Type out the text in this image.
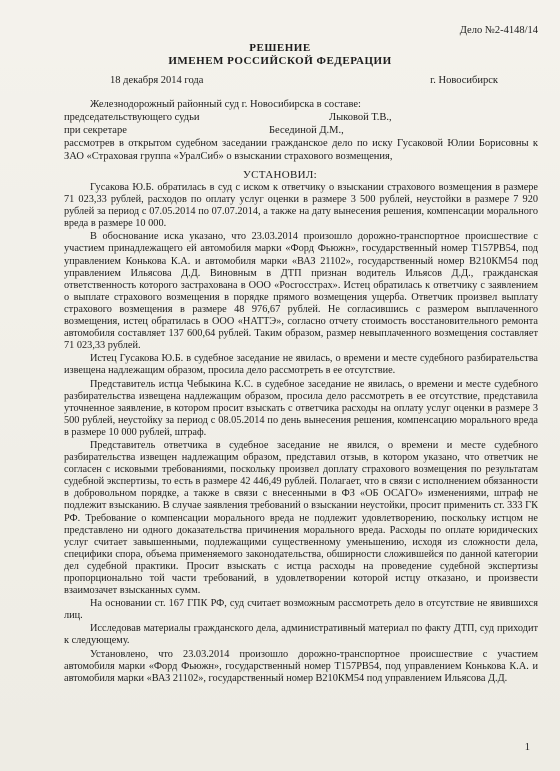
Дело №2-4148/14
РЕШЕНИЕ
ИМЕНЕМ РОССИЙСКОЙ ФЕДЕРАЦИИ
18 декабря 2014 года	г. Новосибирск
Железнодорожный районный суд г. Новосибирска в составе:
председательствующего судьи	Лыковой Т.В.,
при секретаре	Бесединой Д.М.,
рассмотрев в открытом судебном заседании гражданское дело по иску Гусаковой Юлии Борисовны к ЗАО «Страховая группа «УралСиб» о взыскании страхового возмещения,
УСТАНОВИЛ:

Гусакова Ю.Б. обратилась в суд с иском к ответчику о взыскании страхового возмещения в размере 71 023,33 рублей, расходов по оплату услуг оценки в размере 3 500 рублей, неустойки в размере 7 920 рублей за период с 07.05.2014 по 07.07.2014, а также на дату вынесения решения, компенсации морального вреда в размере 10 000.

В обоснование иска указано, что 23.03.2014 произошло дорожно-транспортное происшествие с участием принадлежащего ей автомобиля марки «Форд Фьюжн», государственный номер Т157РВ54, под управлением Конькова К.А. и автомобиля марки «ВАЗ 21102», государственный номер В210КМ54 под управлением Ильясова Д.Д. Виновным в ДТП признан водитель Ильясов Д.Д., гражданская ответственность которого застрахована в ООО «Росгосстрах». Истец обратилась к ответчику с заявлением о выплате страхового возмещения в порядке прямого возмещения ущерба. Ответчик произвел выплату страхового возмещения в размере 48 976,67 рублей. Не согласившись с размером выплаченного возмещения, истец обратилась в ООО «НАТТЭ», согласно отчету стоимость восстановительного ремонта автомобиля составляет 137 600,64 рублей. Таким образом, размер невыплаченного возмещения составляет 71 023,33 рублей.

Истец Гусакова Ю.Б. в судебное заседание не явилась, о времени и месте судебного разбирательства извещена надлежащим образом, просила дело рассмотреть в ее отсутствие.

Представитель истца Чебыкина К.С. в судебное заседание не явилась, о времени и месте судебного разбирательства извещена надлежащим образом, просила дело рассмотреть в ее отсутствие, представила уточненное заявление, в котором просит взыскать с ответчика расходы на оплату услуг оценки в размере 3 500 рублей, неустойку за период с 08.05.2014 по день вынесения решения, компенсацию морального вреда в размере 10 000 рублей, штраф.

Представитель ответчика в судебное заседание не явился, о времени и месте судебного разбирательства извещен надлежащим образом, представил отзыв, в котором указано, что ответчик не согласен с исковыми требованиями, поскольку произвел доплату страхового возмещения по результатам судебной экспертизы, то есть в размере 42 446,49 рублей. Полагает, что в связи с исполнением обязанности в добровольном порядке, а также в связи с внесенными в ФЗ «ОБ ОСАГО» изменениями, штраф не подлежит взысканию. В случае заявления требований о взыскании неустойки, просит применить ст. 333 ГК РФ. Требование о компенсации морального вреда не подлежит удовлетворению, поскольку истцом не представлено ни одного доказательства причинения морального вреда. Расходы по оплате юридических услуг считает завышенными, подлежащими существенному уменьшению, исходя из сложности дела, специфики спора, объема применяемого законодательства, обширности сложившейся по данной категории дел судебной практики. Просит взыскать с истца расходы на проведение судебной экспертизы пропорционально той части требований, в удовлетворении которой истцу отказано, и произвести взаимозачет взысканных сумм.

На основании ст. 167 ГПК РФ, суд считает возможным рассмотреть дело в отсутствие не явившихся лиц.

Исследовав материалы гражданского дела, административный материал по факту ДТП, суд приходит к следующему.

Установлено, что 23.03.2014 произошло дорожно-транспортное происшествие с участием автомобиля марки «Форд Фьюжн», государственный номер Т157РВ54, под управлением Конькова К.А. и автомобиля марки «ВАЗ 21102», государственный номер В210КМ54 под управлением Ильясова Д.Д.

1
